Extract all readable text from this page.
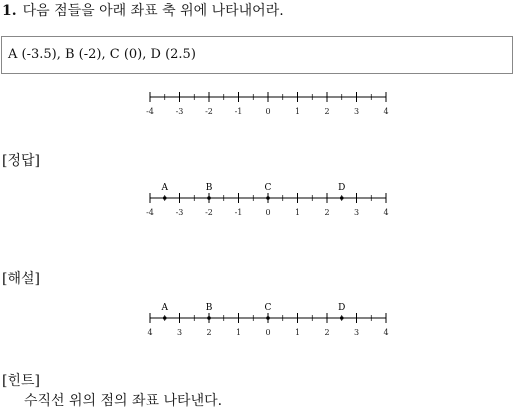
1. 다음 점들을 아래 좌표 축 위에 나타내어라.
A (-3.5), B (-2), C (0), D (2.5)
-4	-3	-2	-1	0	1	2	3	4
[정답]
-4	-3	-2	-1	0	1	2	3	4
A	B	C	D
[해설]
4	3	2	1	0	1	2	3	4
A	B	C	D
[힌트]
수직선 위의 점의 좌표 나타낸다.
